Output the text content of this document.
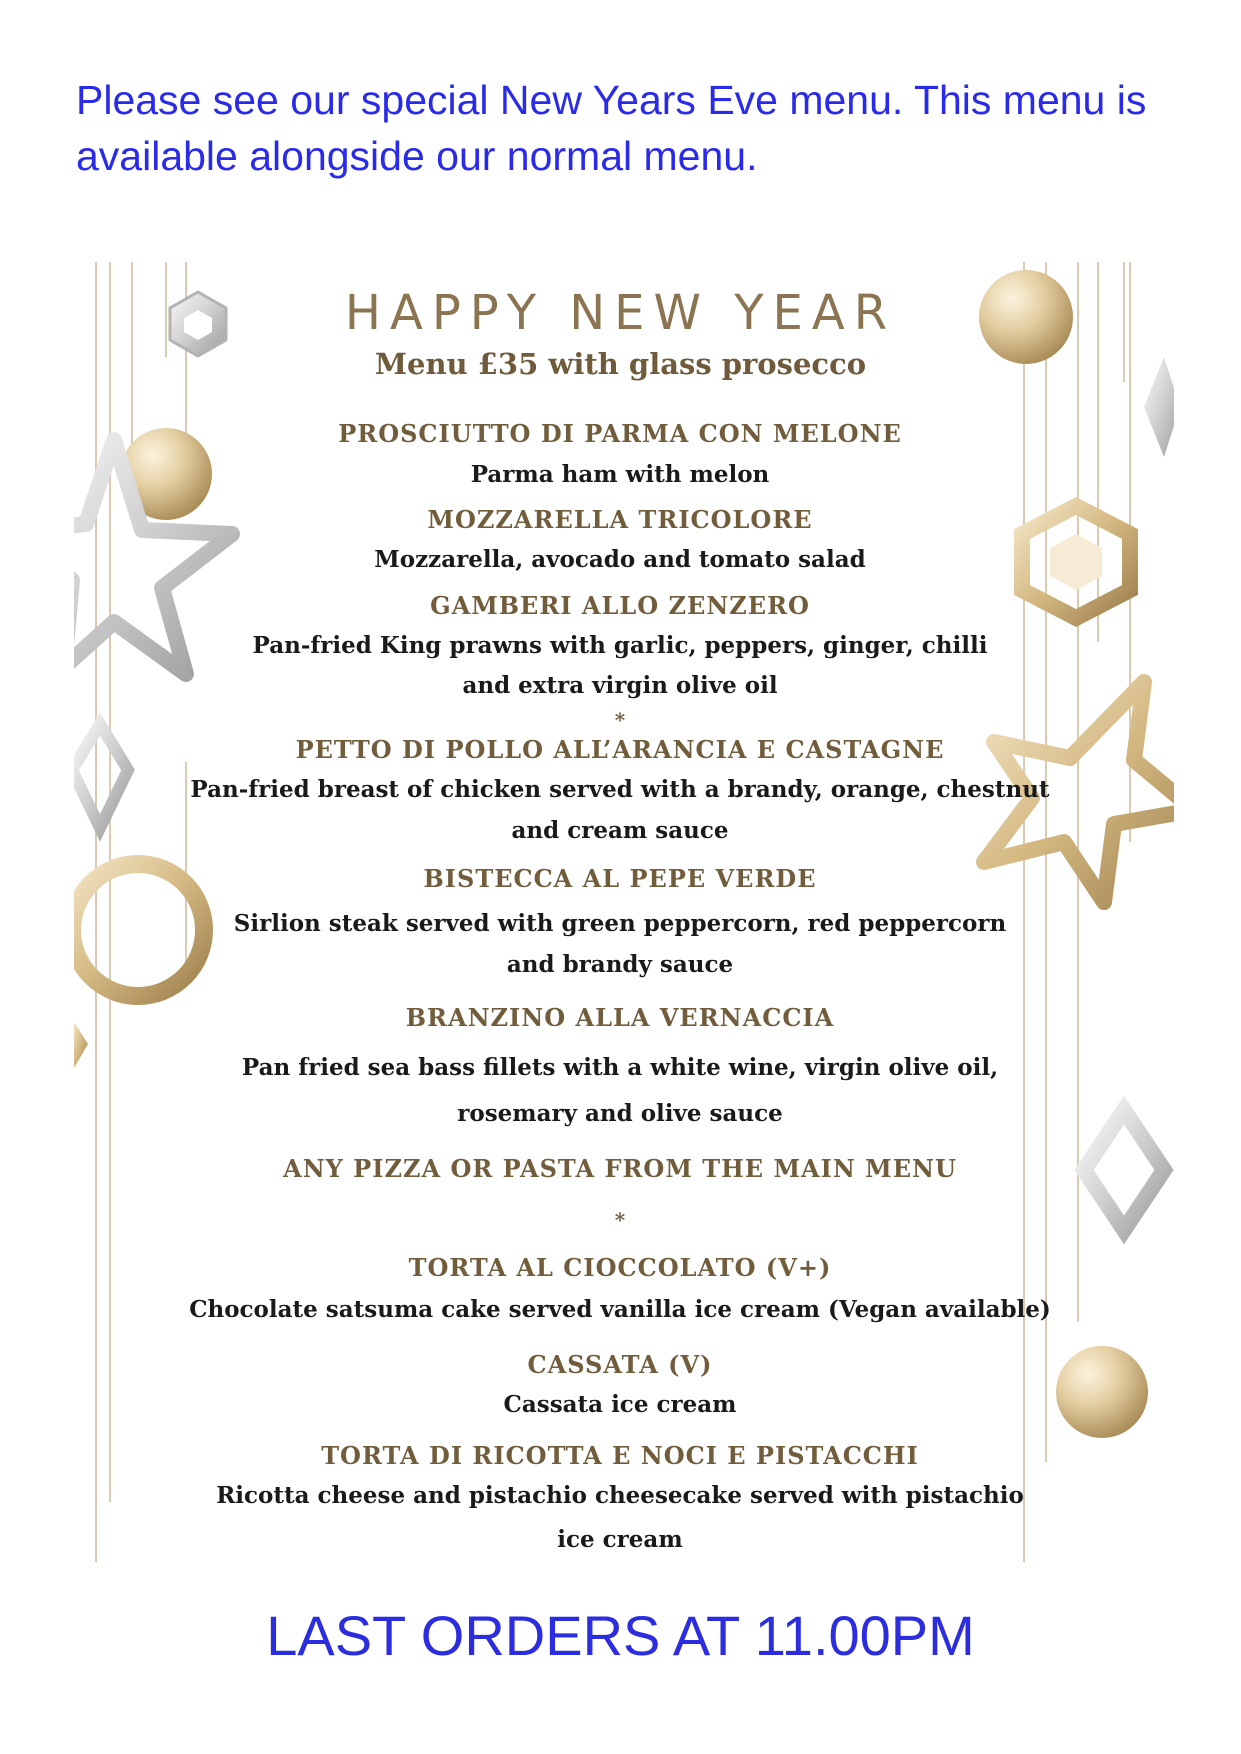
Please see our special New Years Eve menu. This menu is available alongside our normal menu.

HAPPY NEW YEAR
Menu £35 with glass prosecco
PROSCIUTTO DI PARMA CON MELONE
Parma ham with melon
MOZZARELLA TRICOLORE
Mozzarella, avocado and tomato salad
GAMBERI ALLO ZENZERO
Pan-fried King prawns with garlic, peppers, ginger, chilli
and extra virgin olive oil
*
PETTO DI POLLO ALL’ARANCIA E CASTAGNE
Pan-fried breast of chicken served with a brandy, orange, chestnut
and cream sauce
BISTECCA AL PEPE VERDE
Sirlion steak served with green peppercorn, red peppercorn
and brandy sauce
BRANZINO ALLA VERNACCIA
Pan fried sea bass fillets with a white wine, virgin olive oil,
rosemary and olive sauce
ANY PIZZA OR PASTA FROM THE MAIN MENU
*
TORTA AL CIOCCOLATO (V+)
Chocolate satsuma cake served vanilla ice cream (Vegan available)
CASSATA (V)
Cassata ice cream
TORTA DI RICOTTA E NOCI E PISTACCHI
Ricotta cheese and pistachio cheesecake served with pistachio
ice cream
LAST ORDERS AT 11.00PM
